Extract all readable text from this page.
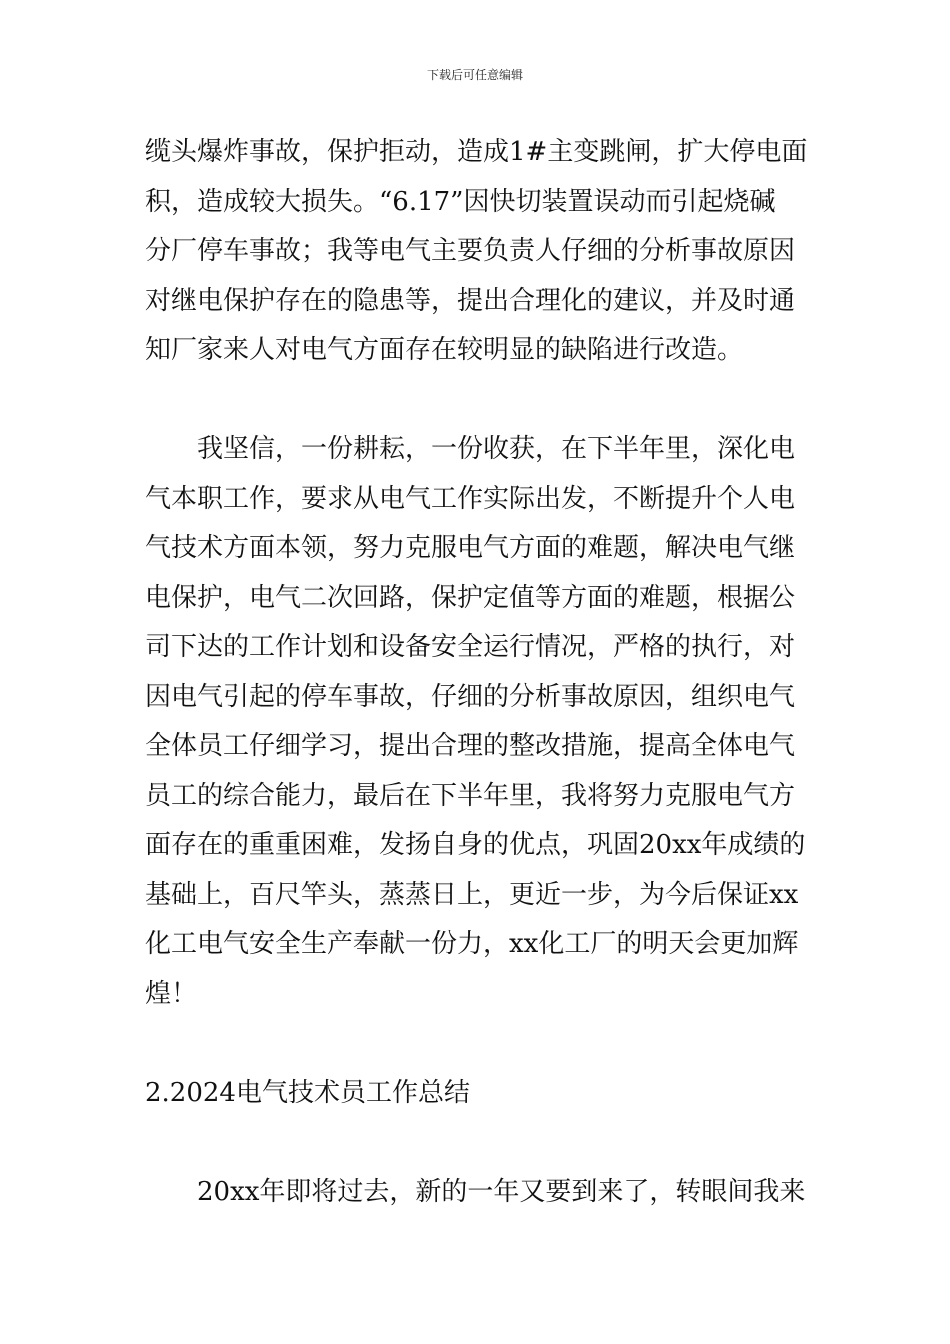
下载后可任意编辑
缆头爆炸事故，保护拒动，造成1#主变跳闸，扩大停电面
积，造成较大损失。“6.17”因快切装置误动而引起烧碱
分厂停车事故；我等电气主要负责人仔细的分析事故原因
对继电保护存在的隐患等，提出合理化的建议，并及时通
知厂家来人对电气方面存在较明显的缺陷进行改造。
我坚信，一份耕耘，一份收获，在下半年里，深化电
气本职工作，要求从电气工作实际出发，不断提升个人电
气技术方面本领，努力克服电气方面的难题，解决电气继
电保护，电气二次回路，保护定值等方面的难题，根据公
司下达的工作计划和设备安全运行情况，严格的执行，对
因电气引起的停车事故，仔细的分析事故原因，组织电气
全体员工仔细学习，提出合理的整改措施，提高全体电气
员工的综合能力，最后在下半年里，我将努力克服电气方
面存在的重重困难，发扬自身的优点，巩固20xx年成绩的
基础上，百尺竿头，蒸蒸日上，更近一步，为今后保证xx
化工电气安全生产奉献一份力，xx化工厂的明天会更加辉
煌！
2.2024电气技术员工作总结
20xx年即将过去，新的一年又要到来了，转眼间我来
